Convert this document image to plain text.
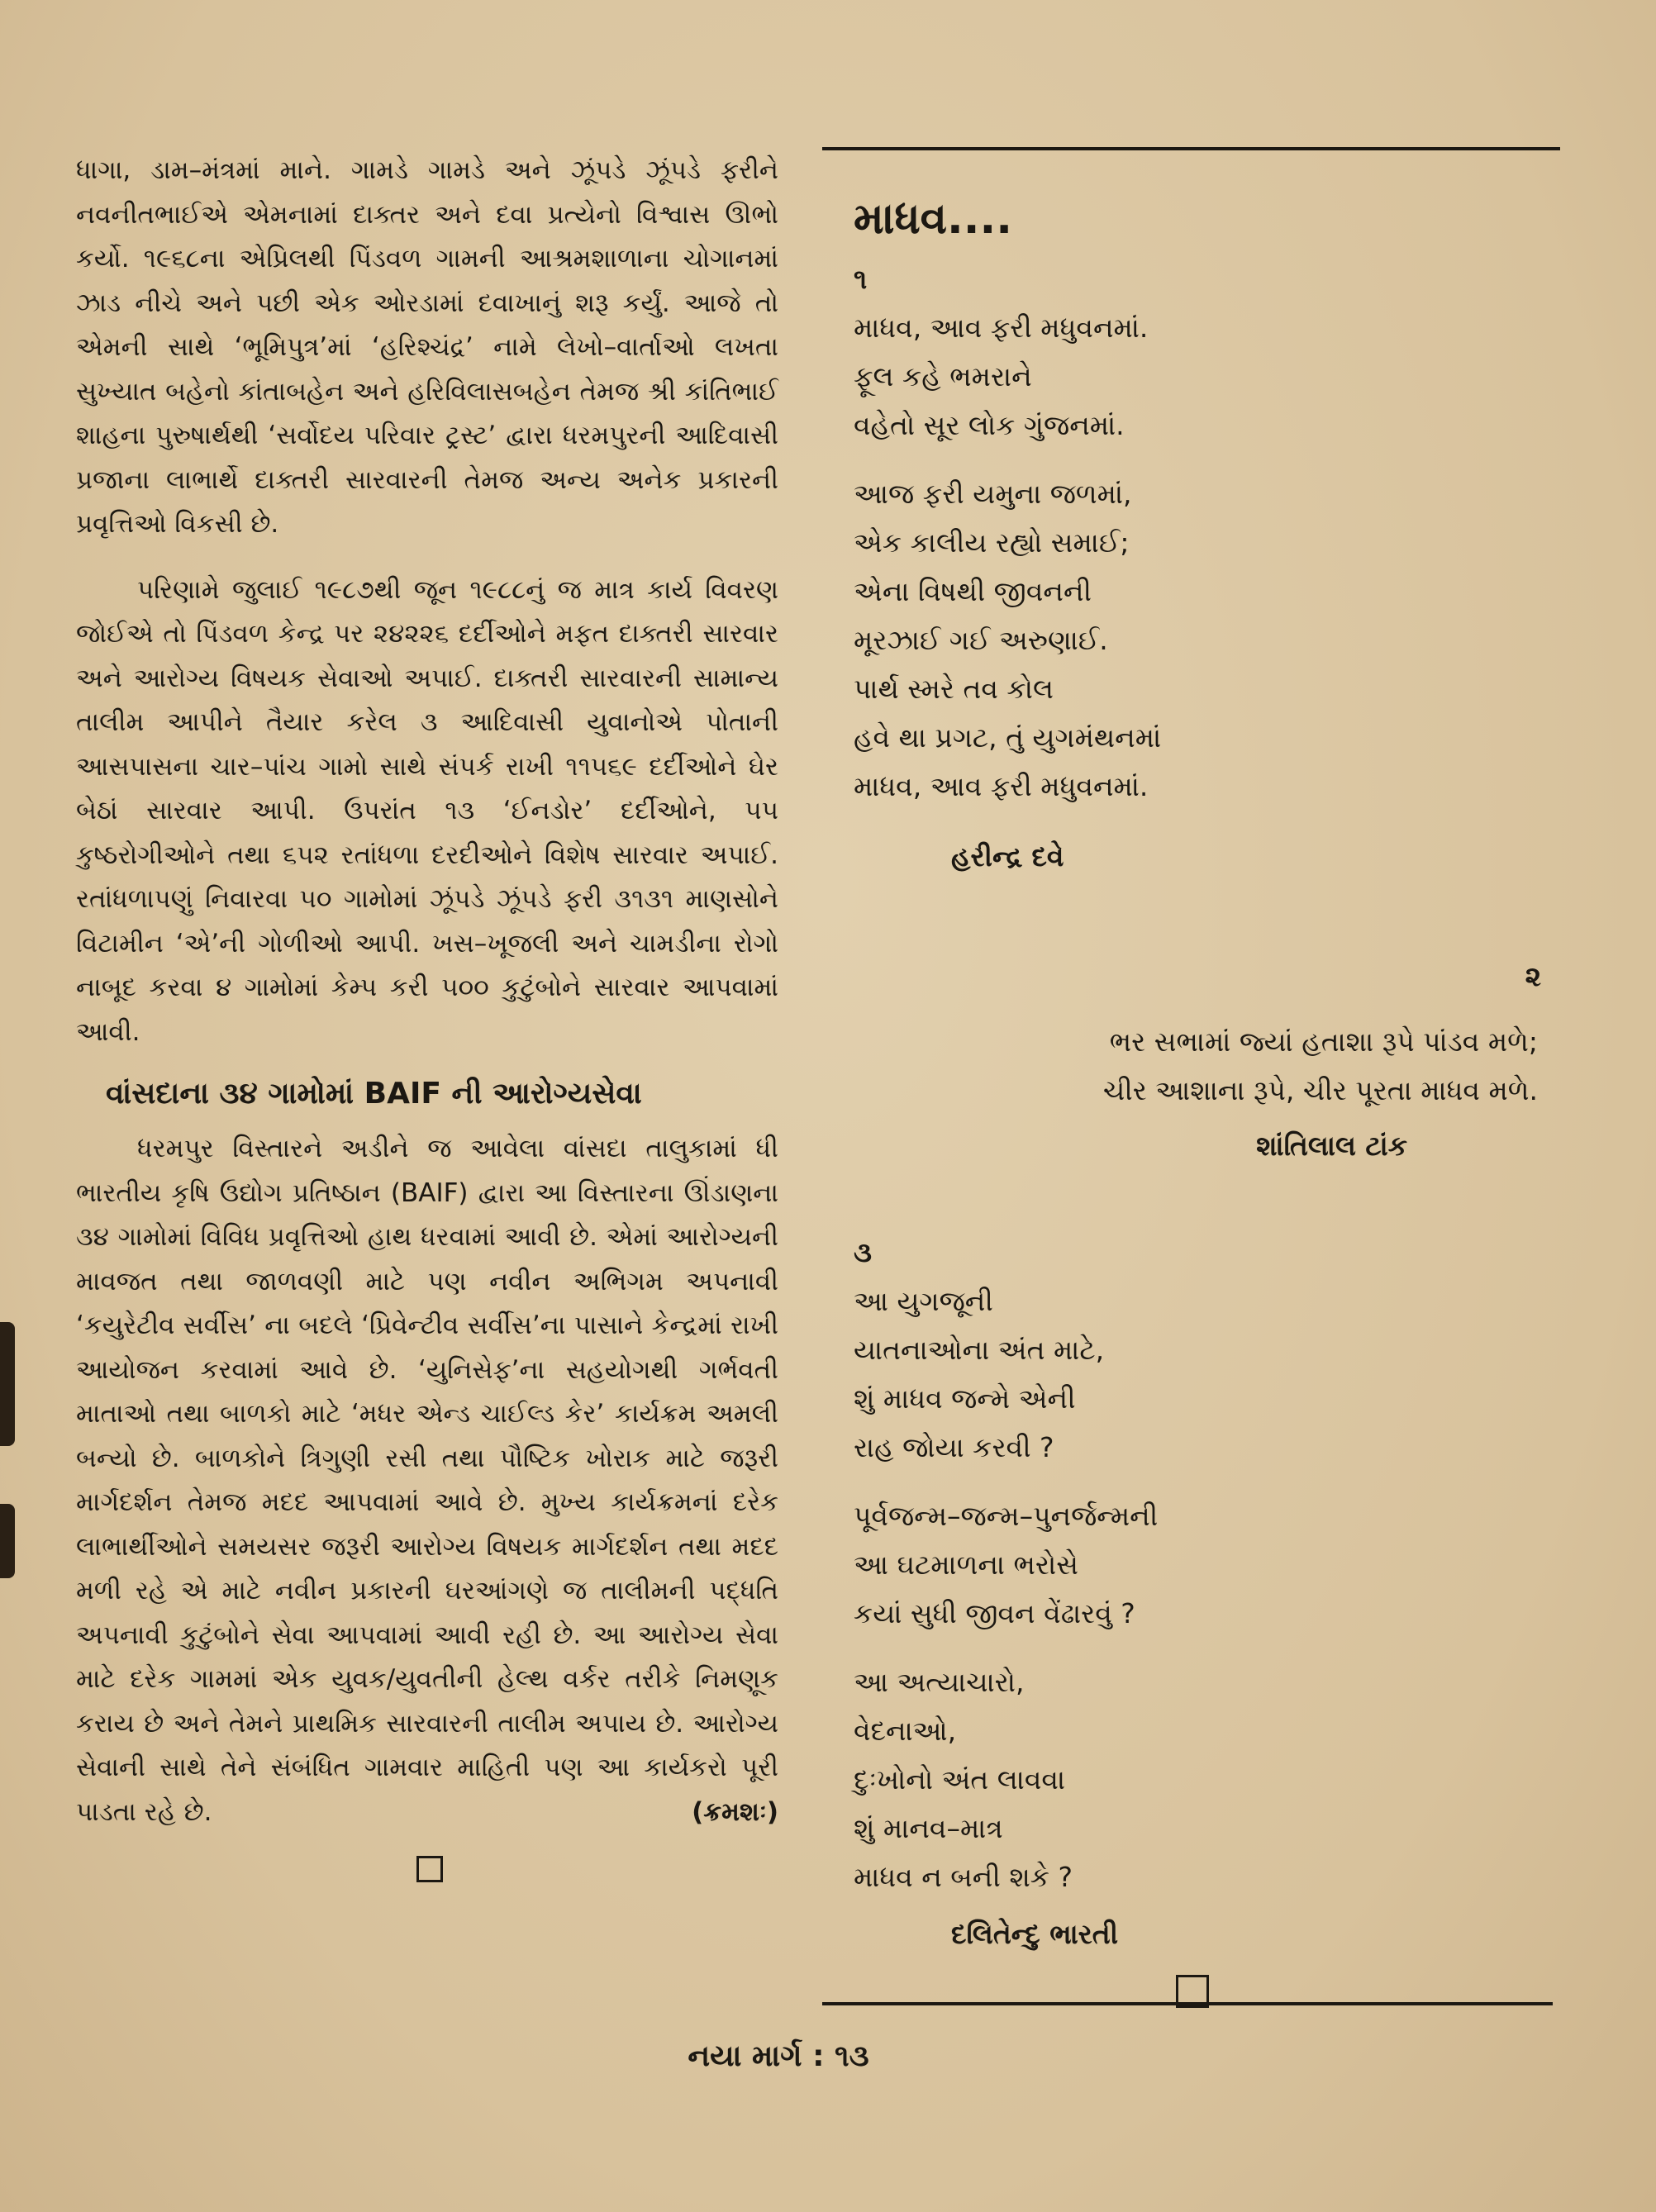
ધાગા, ડામ–મંત્રમાં માને. ગામડે ગામડે અને ઝૂંપડે ઝૂંપડે ફરીને નવનીતભાઈએ એમનામાં દાક્તર અને દવા પ્રત્યેનો વિશ્વાસ ઊભો કર્યો. ૧૯૬૮ના એપ્રિલથી પિંડવળ ગામની આશ્રમશાળાના ચોગાનમાં ઝાડ નીચે અને પછી એક ઓરડામાં દવાખાનું શરૂ કર્યું. આજે તો એમની સાથે ‘ભૂમિપુત્ર’માં ‘હરિશ્ચંદ્ર’ નામે લેખો–વાર્તાઓ લખતા સુખ્યાત બહેનો કાંતાબહેન અને હરિવિલાસબહેન તેમજ શ્રી કાંતિભાઈ શાહના પુરુષાર્થથી ‘સર્વોદય પરિવાર ટ્રસ્ટ’ દ્વારા ધરમપુરની આદિવાસી પ્રજાના લાભાર્થે દાક્તરી સારવારની તેમજ અન્ય અનેક પ્રકારની પ્રવૃત્તિઓ વિકસી છે.

પરિણામે જુલાઈ ૧૯૮૭થી જૂન ૧૯૮૮નું જ માત્ર કાર્ય વિવરણ જોઈએ તો પિંડવળ કેન્દ્ર પર ૨૪૨૨૬ દર્દીઓને મફત દાક્તરી સારવાર અને આરોગ્ય વિષયક સેવાઓ અપાઈ. દાક્તરી સારવારની સામાન્ય તાલીમ આપીને તૈયાર કરેલ ૩ આદિવાસી યુવાનોએ પોતાની આસપાસના ચાર–પાંચ ગામો સાથે સંપર્ક રાખી ૧૧૫૬૯ દર્દીઓને ઘેર બેઠાં સારવાર આપી. ઉપરાંત ૧૩ ‘ઈનડોર’ દર્દીઓને, ૫૫ કુષ્ઠરોગીઓને તથા ૬૫૨ રતાંધળા દરદીઓને વિશેષ સારવાર અપાઈ. રતાંધળાપણું નિવારવા ૫૦ ગામોમાં ઝૂંપડે ઝૂંપડે ફરી ૩૧૩૧ માણસોને વિટામીન ‘એ’ની ગોળીઓ આપી. ખસ–ખૂજલી અને ચામડીના રોગો નાબૂદ કરવા ૪ ગામોમાં કેમ્પ કરી ૫૦૦ કુટુંબોને સારવાર આપવામાં આવી.

વાંસદાના ૩૪ ગામોમાં BAIF ની આરોગ્યસેવા

ધરમપુર વિસ્તારને અડીને જ આવેલા વાંસદા તાલુકામાં ધી ભારતીય કૃષિ ઉદ્યોગ પ્રતિષ્ઠાન (BAIF) દ્વારા આ વિસ્તારના ઊંડાણના ૩૪ ગામોમાં વિવિધ પ્રવૃત્તિઓ હાથ ધરવામાં આવી છે. એમાં આરોગ્યની માવજત તથા જાળવણી માટે પણ નવીન અભિગમ અપનાવી ‘કયુરેટીવ સર્વીસ’ ના બદલે ‘પ્રિવેન્ટીવ સર્વીસ’ના પાસાને કેન્દ્રમાં રાખી આયોજન કરવામાં આવે છે. ‘યુનિસેફ’ના સહયોગથી ગર્ભવતી માતાઓ તથા બાળકો માટે ‘મધર એન્ડ ચાઈલ્ડ કેર’ કાર્યક્રમ અમલી બન્યો છે. બાળકોને ત્રિગુણી રસી તથા પૌષ્ટિક ખોરાક માટે જરૂરી માર્ગદર્શન તેમજ મદદ આપવામાં આવે છે. મુખ્ય કાર્યક્રમનાં દરેક લાભાર્થીઓને સમયસર જરૂરી આરોગ્ય વિષયક માર્ગદર્શન તથા મદદ મળી રહે એ માટે નવીન પ્રકારની ઘરઆંગણે જ તાલીમની પદ્ધતિ અપનાવી કુટુંબોને સેવા આપવામાં આવી રહી છે. આ આરોગ્ય સેવા માટે દરેક ગામમાં એક યુવક/યુવતીની હેલ્થ વર્કર તરીકે નિમણૂક કરાય છે અને તેમને પ્રાથમિક સારવારની તાલીમ અપાય છે. આરોગ્ય સેવાની સાથે તેને સંબંધિત ગામવાર માહિતી પણ આ કાર્યકરો પૂરી પાડતા રહે છે.	(ક્રમશઃ)

માધવ....
૧
માધવ, આવ ફરી મધુવનમાં.
ફૂલ કહે ભમરાને
વહેતો સૂર લોક ગુંજનમાં.
આજ ફરી યમુના જળમાં,
એક કાલીય રહ્યો સમાઈ;
એના વિષથી જીવનની
મૂરઝાઈ ગઈ અરુણાઈ.
પાર્થ સ્મરે તવ કોલ
હવે થા પ્રગટ, તું યુગમંથનમાં
માધવ, આવ ફરી મધુવનમાં.
હરીન્દ્ર દવે
૨
ભર સભામાં જ્યાં હતાશા રૂપે પાંડવ મળે;
ચીર આશાના રૂપે, ચીર પૂરતા માધવ મળે.
શાંતિલાલ ટાંક
૩
આ યુગજૂની
યાતનાઓના અંત માટે,
શું માધવ જન્મે એની
રાહ જોયા કરવી ?
પૂર્વજન્મ–જન્મ–પુનર્જન્મની
આ ઘટમાળના ભરોસે
કયાં સુધી જીવન વેંઢારવું ?
આ અત્યાચારો,
વેદનાઓ,
દુઃખોનો અંત લાવવા
શું માનવ–માત્ર
માધવ ન બની શકે ?
દલિતેન્દુ ભારતી
નયા માર્ગ : ૧૩
